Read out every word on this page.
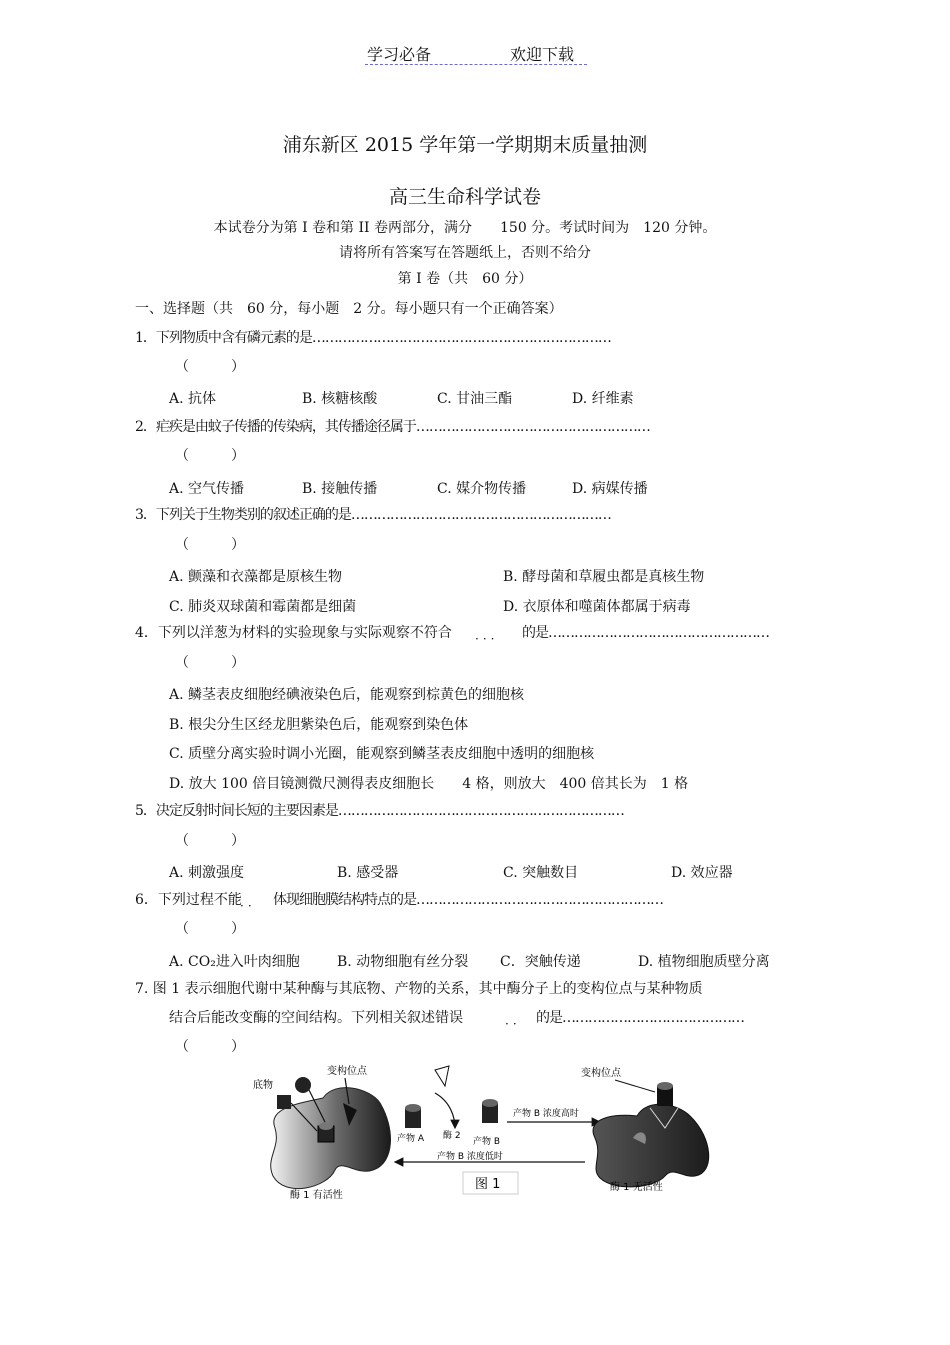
学习必备	欢迎下载
浦东新区 2015 学年第一学期期末质量抽测
高三生命科学试卷
本试卷分为第 I 卷和第 II 卷两部分，满分　　150 分。考试时间为　120 分钟。
请将所有答案写在答题纸上，否则不给分
第 I 卷（共　60 分）
一、选择题（共　60 分，每小题　2 分。每小题只有一个正确答案）
1．下列物质中含有磷元素的是……………………………………………………………
（　　　）
A. 抗体	B. 核糖核酸	C. 甘油三酯	D. 纤维素
2．疟疾是由蚊子传播的传染病，其传播途径属于………………………………………………
（　　　）
A. 空气传播	B. 接触传播	C. 媒介物传播	D. 病媒传播
3．下列关于生物类别的叙述正确的是……………………………………………………
（　　　）
A. 颤藻和衣藻都是原核生物	B. 酵母菌和草履虫都是真核生物
C. 肺炎双球菌和霉菌都是细菌	D. 衣原体和噬菌体都属于病毒
4．下列以洋葱为材料的实验现象与实际观察不符合 ··· 的是……………………………………………
（　　　）
A. 鳞茎表皮细胞经碘液染色后，能观察到棕黄色的细胞核
B. 根尖分生区经龙胆紫染色后，能观察到染色体
C. 质壁分离实验时调小光圈，能观察到鳞茎表皮细胞中透明的细胞核
D. 放大 100 倍目镜测微尺测得表皮细胞长　　4 格，则放大　400 倍其长为　1 格
5．决定反射时间长短的主要因素是…………………………………………………………
（　　　）
A. 刺激强度	B. 感受器	C. 突触数目	D. 效应器
6．下列过程不能
·· 体现细胞膜结构特点的是…………………………………………………
（　　　）
A. CO₂进入叶肉细胞	B. 动物细胞有丝分裂 C．突触传递	D. 植物细胞质壁分离
7. 图 1 表示细胞代谢中某种酶与其底物、产物的关系，其中酶分子上的变构位点与某种物质
结合后能改变酶的空间结构。下列相关叙述错误	·· 的是……………………………………
（　　　）
底物
变构位点
产物 A 酶 2
产物 B
产物 B 浓度高时
产物 B 浓度低时
变构位点
酶 1 有活性
酶 1 无活性
图 1
